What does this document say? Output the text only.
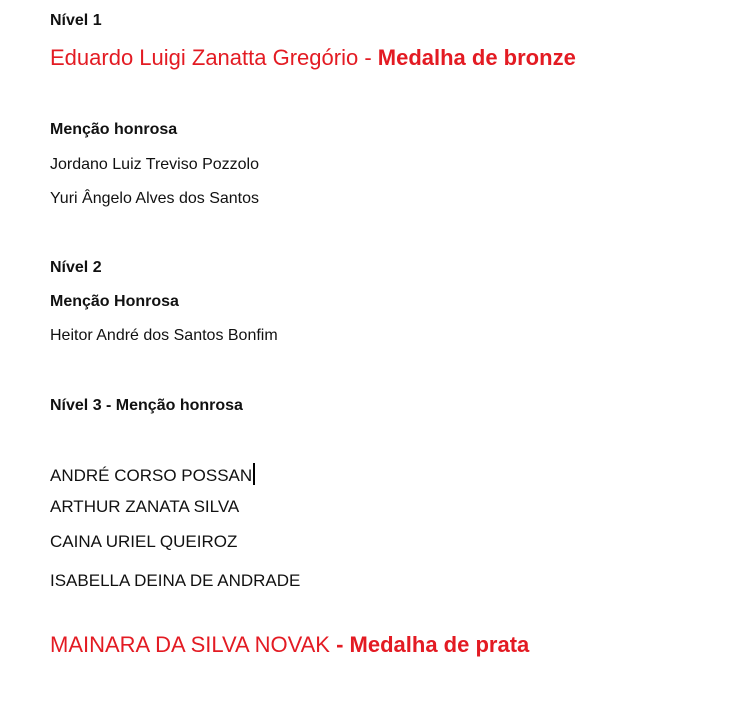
Nível 1
Eduardo Luigi Zanatta Gregório - Medalha de bronze
Menção honrosa
Jordano Luiz Treviso Pozzolo
Yuri Ângelo Alves dos Santos
Nível 2
Menção Honrosa
Heitor André dos Santos Bonfim
Nível 3 - Menção honrosa
ANDRÉ CORSO POSSAN
ARTHUR ZANATA SILVA
CAINA URIEL QUEIROZ
ISABELLA DEINA DE ANDRADE
MAINARA DA SILVA NOVAK - Medalha de prata
